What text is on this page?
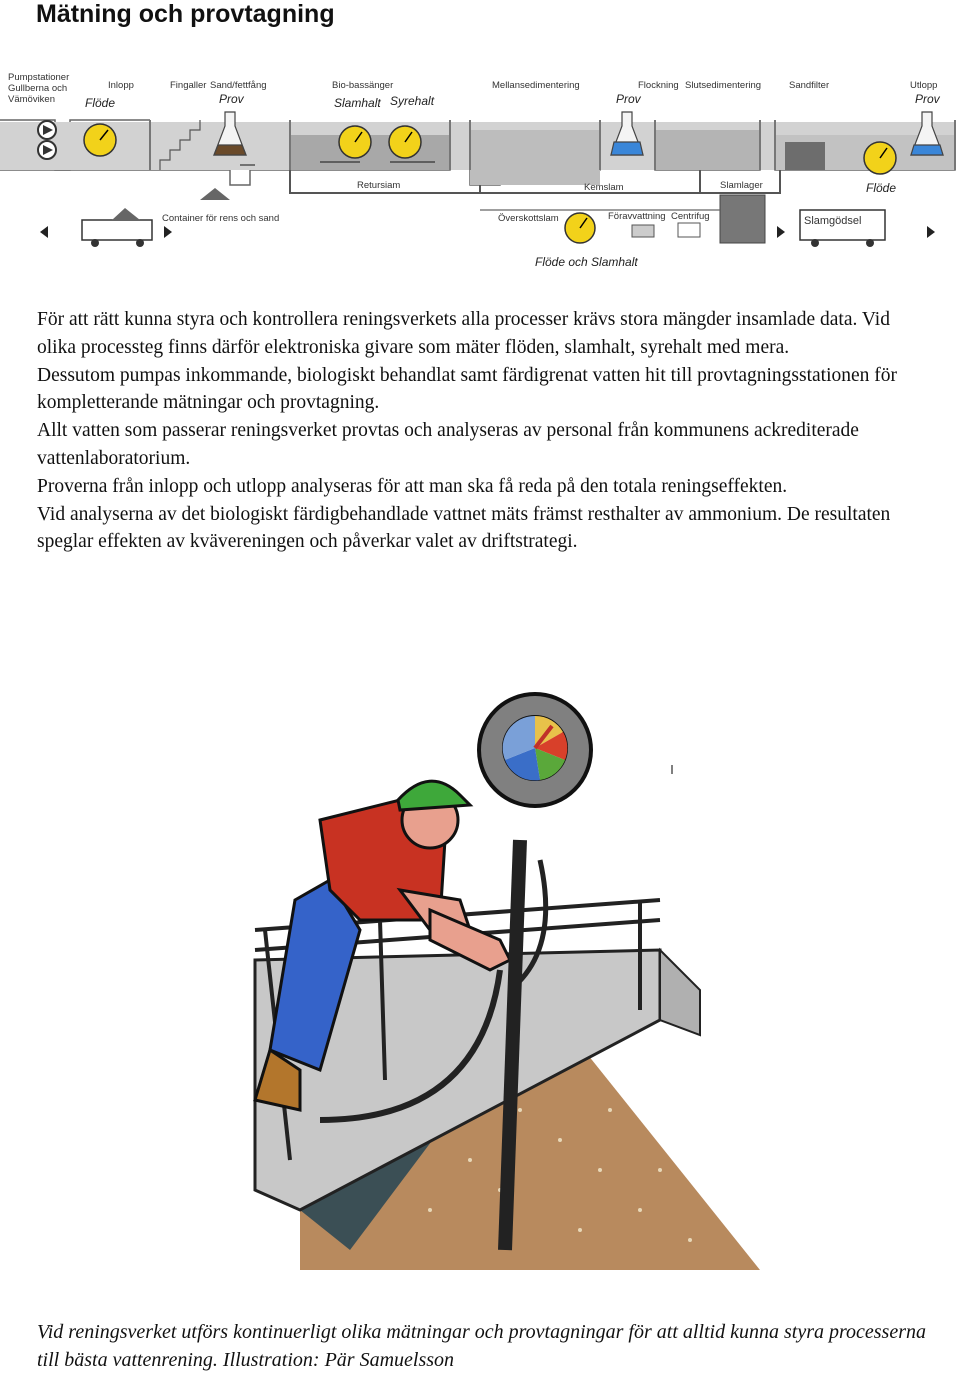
Mätning och provtagning
Pumpstationer Gullberna och Vämöviken
Inlopp	Fingaller Sand/fettfång	Bio-bassänger	Mellansedimentering	Flockning Slutsedimentering	Sandfilter	Utlopp
Flöde	Prov	Slamhalt Syrehalt	Prov	Prov
Retursiam	Kemslam	Slamlager	Flöde
Container för rens och sand	Överskottslam	Föravvattning Centrifug	Slamgödsel
Flöde och Slamhalt

För att rätt kunna styra och kontrollera reningsverkets alla processer krävs stora mängder insamlade data. Vid olika processteg finns därför elektroniska givare som mäter flöden, slamhalt, syrehalt med mera.

Dessutom pumpas inkommande, biologiskt behandlat samt färdigrenat vatten hit till provtagningsstationen för kompletterande mätningar och provtagning.

Allt vatten som passerar reningsverket provtas och analyseras av personal från kommunens ackrediterade vattenlaboratorium.

Proverna från inlopp och utlopp analyseras för att man ska få reda på den totala reningseffekten.

Vid analyserna av det biologiskt färdigbehandlade vattnet mäts främst resthalter av ammonium. De resultaten speglar effekten av kvävereningen och påverkar valet av driftstrategi.

Vid reningsverket utförs kontinuerligt olika mätningar och provtagningar för att alltid kunna styra processerna till bästa vattenrening. Illustration: Pär Samuelsson
